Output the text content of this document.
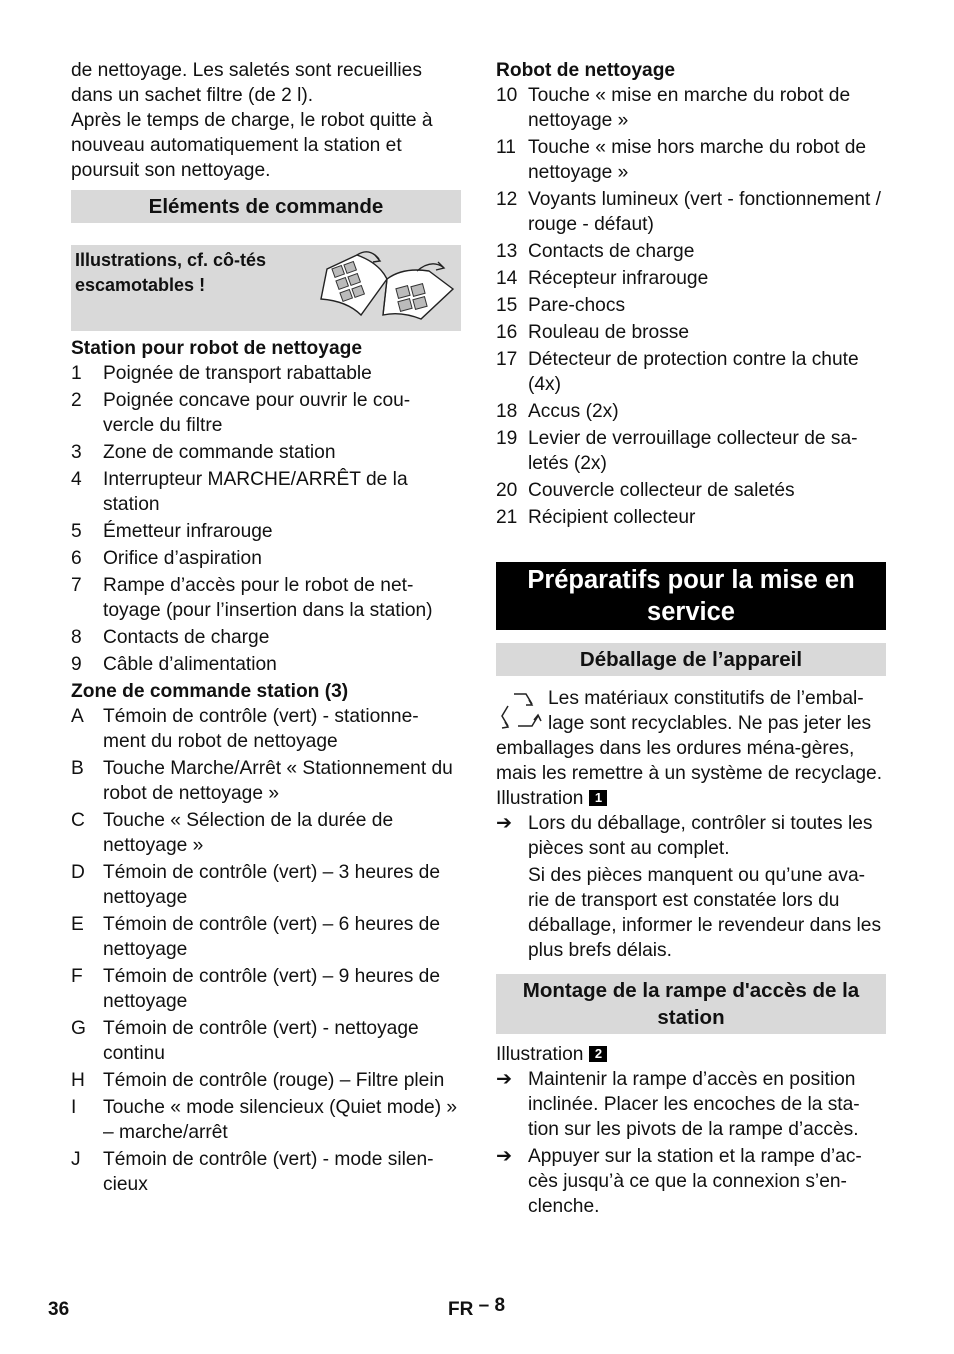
de nettoyage. Les saletés sont recueillies dans un sachet filtre (de 2 l).

Après le temps de charge, le robot quitte à nouveau automatiquement la station et poursuit son nettoyage.

Eléments de commande
Illustrations, cf. cô-tés escamotables !

Station pour robot de nettoyage

1	Poignée de transport rabattable
2	Poignée concave pour ouvrir le cou-vercle du filtre
3	Zone de commande station
4	Interrupteur MARCHE/ARRÊT de la station
5	Émetteur infrarouge
6	Orifice d’aspiration
7	Rampe d’accès pour le robot de net-toyage (pour l’insertion dans la station)
8	Contacts de charge
9	Câble d’alimentation

Zone de commande station (3)

A Témoin de contrôle (vert) - stationne-ment du robot de nettoyage
B Touche Marche/Arrêt « Stationnement du robot de nettoyage »
C Touche « Sélection de la durée de nettoyage »
D Témoin de contrôle (vert) – 3 heures de nettoyage
E Témoin de contrôle (vert) – 6 heures de nettoyage
F	Témoin de contrôle (vert) – 9 heures de nettoyage
G Témoin de contrôle (vert) - nettoyage continu
H Témoin de contrôle (rouge) – Filtre plein
I	Touche « mode silencieux (Quiet mode) » – marche/arrêt
J	Témoin de contrôle (vert) - mode silen-cieux

Robot de nettoyage

10 Touche « mise en marche du robot de nettoyage »
11 Touche « mise hors marche du robot de nettoyage »
12 Voyants lumineux (vert - fonctionnement / rouge - défaut)
13 Contacts de charge
14 Récepteur infrarouge
15 Pare-chocs
16 Rouleau de brosse
17 Détecteur de protection contre la chute (4x)
18 Accus (2x)
19 Levier de verrouillage collecteur de sa-letés (2x)
20 Couvercle collecteur de saletés
21 Récipient collecteur
Préparatifs pour la mise en service
Déballage de l’appareil

Les matériaux constitutifs de l’embal-lage sont recyclables. Ne pas jeter les emballages dans les ordures ména-gères, mais les remettre à un système de recyclage.

Illustration 1

➔ Lors du déballage, contrôler si toutes les pièces sont au complet.
Si des pièces manquent ou qu’une ava-rie de transport est constatée lors du déballage, informer le revendeur dans les plus brefs délais.
Montage de la rampe d'accès de la station

Illustration 2

➔ Maintenir la rampe d’accès en position inclinée. Placer les encoches de la sta-tion sur les pivots de la rampe d’accès.
➔ Appuyer sur la station et la rampe d’ac-cès jusqu’à ce que la connexion s’en-clenche.
36	FR – 8
